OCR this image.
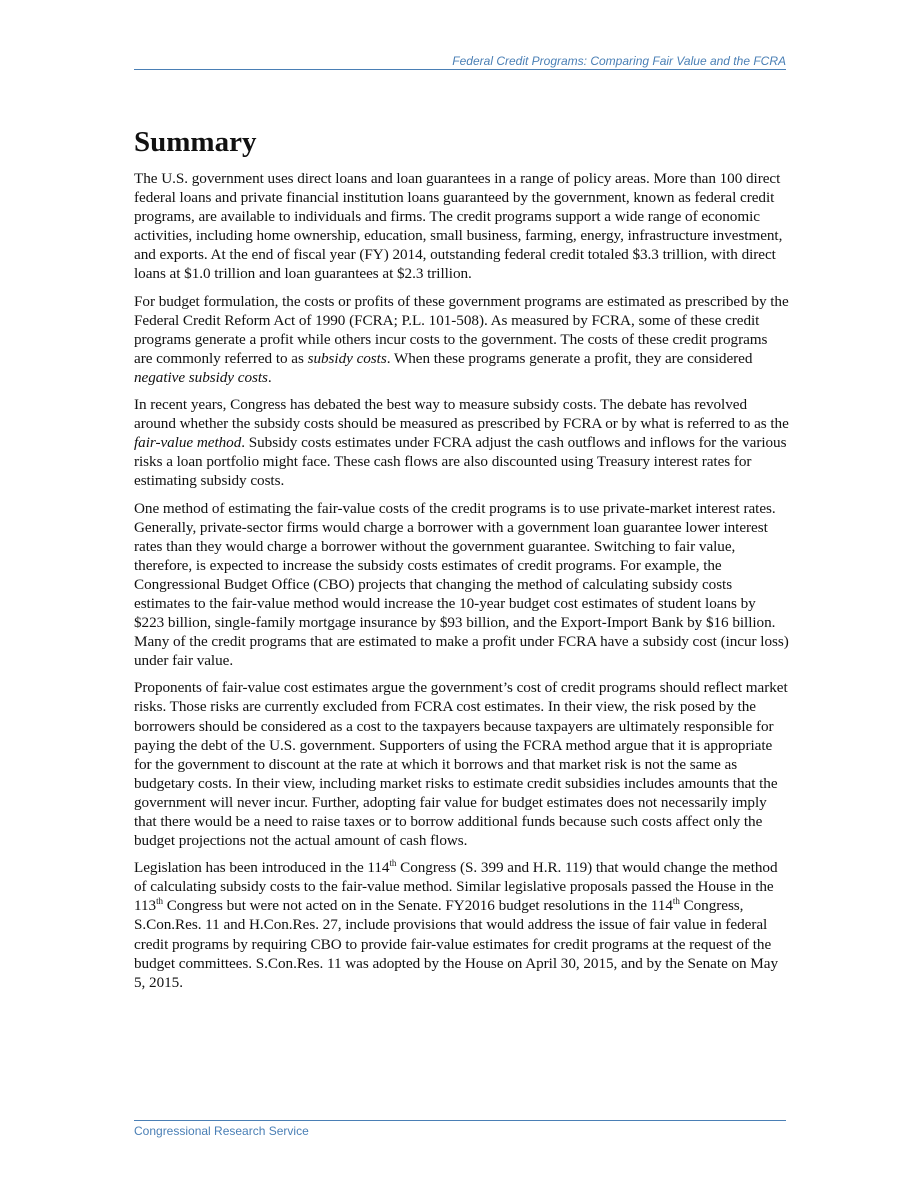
Federal Credit Programs: Comparing Fair Value and the FCRA
Summary

The U.S. government uses direct loans and loan guarantees in a range of policy areas. More than 100 direct federal loans and private financial institution loans guaranteed by the government, known as federal credit programs, are available to individuals and firms. The credit programs support a wide range of economic activities, including home ownership, education, small business, farming, energy, infrastructure investment, and exports. At the end of fiscal year (FY) 2014, outstanding federal credit totaled $3.3 trillion, with direct loans at $1.0 trillion and loan guarantees at $2.3 trillion.

For budget formulation, the costs or profits of these government programs are estimated as prescribed by the Federal Credit Reform Act of 1990 (FCRA; P.L. 101-508). As measured by FCRA, some of these credit programs generate a profit while others incur costs to the government. The costs of these credit programs are commonly referred to as subsidy costs. When these programs generate a profit, they are considered negative subsidy costs.

In recent years, Congress has debated the best way to measure subsidy costs. The debate has revolved around whether the subsidy costs should be measured as prescribed by FCRA or by what is referred to as the fair-value method. Subsidy costs estimates under FCRA adjust the cash outflows and inflows for the various risks a loan portfolio might face. These cash flows are also discounted using Treasury interest rates for estimating subsidy costs.

One method of estimating the fair-value costs of the credit programs is to use private-market interest rates. Generally, private-sector firms would charge a borrower with a government loan guarantee lower interest rates than they would charge a borrower without the government guarantee. Switching to fair value, therefore, is expected to increase the subsidy costs estimates of credit programs. For example, the Congressional Budget Office (CBO) projects that changing the method of calculating subsidy costs estimates to the fair-value method would increase the 10-year budget cost estimates of student loans by $223 billion, single-family mortgage insurance by $93 billion, and the Export-Import Bank by $16 billion. Many of the credit programs that are estimated to make a profit under FCRA have a subsidy cost (incur loss) under fair value.

Proponents of fair-value cost estimates argue the government’s cost of credit programs should reflect market risks. Those risks are currently excluded from FCRA cost estimates. In their view, the risk posed by the borrowers should be considered as a cost to the taxpayers because taxpayers are ultimately responsible for paying the debt of the U.S. government. Supporters of using the FCRA method argue that it is appropriate for the government to discount at the rate at which it borrows and that market risk is not the same as budgetary costs. In their view, including market risks to estimate credit subsidies includes amounts that the government will never incur. Further, adopting fair value for budget estimates does not necessarily imply that there would be a need to raise taxes or to borrow additional funds because such costs affect only the budget projections not the actual amount of cash flows.

Legislation has been introduced in the 114th Congress (S. 399 and H.R. 119) that would change the method of calculating subsidy costs to the fair-value method. Similar legislative proposals passed the House in the 113th Congress but were not acted on in the Senate. FY2016 budget resolutions in the 114th Congress, S.Con.Res. 11 and H.Con.Res. 27, include provisions that would address the issue of fair value in federal credit programs by requiring CBO to provide fair-value estimates for credit programs at the request of the budget committees. S.Con.Res. 11 was adopted by the House on April 30, 2015, and by the Senate on May 5, 2015.

Congressional Research Service
